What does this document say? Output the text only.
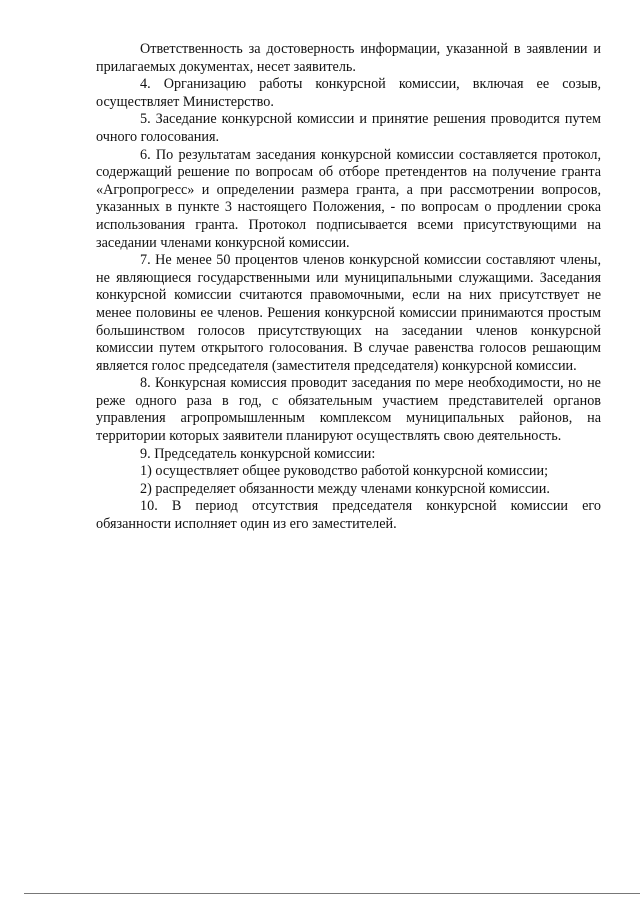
Ответственность за достоверность информации, указанной в заявлении и прилагаемых документах, несет заявитель.

4. Организацию работы конкурсной комиссии, включая ее созыв, осуществляет Министерство.

5. Заседание конкурсной комиссии и принятие решения проводится путем очного голосования.

6. По результатам заседания конкурсной комиссии составляется протокол, содержащий решение по вопросам об отборе претендентов на получение гранта «Агропрогресс» и определении размера гранта, а при рассмотрении вопросов, указанных в пункте 3 настоящего Положения, - по вопросам о продлении срока использования гранта. Протокол подписывается всеми присутствующими на заседании членами конкурсной комиссии.

7. Не менее 50 процентов членов конкурсной комиссии составляют члены, не являющиеся государственными или муниципальными служащими. Заседания конкурсной комиссии считаются правомочными, если на них присутствует не менее половины ее членов. Решения конкурсной комиссии принимаются простым большинством голосов присутствующих на заседании членов конкурсной комиссии путем открытого голосования. В случае равенства голосов решающим является голос председателя (заместителя председателя) конкурсной комиссии.

8. Конкурсная комиссия проводит заседания по мере необходимости, но не реже одного раза в год, с обязательным участием представителей органов управления агропромышленным комплексом муниципальных районов, на территории которых заявители планируют осуществлять свою деятельность.

9. Председатель конкурсной комиссии:

1) осуществляет общее руководство работой конкурсной комиссии;

2) распределяет обязанности между членами конкурсной комиссии.

10. В период отсутствия председателя конкурсной комиссии его обязанности исполняет один из его заместителей.
